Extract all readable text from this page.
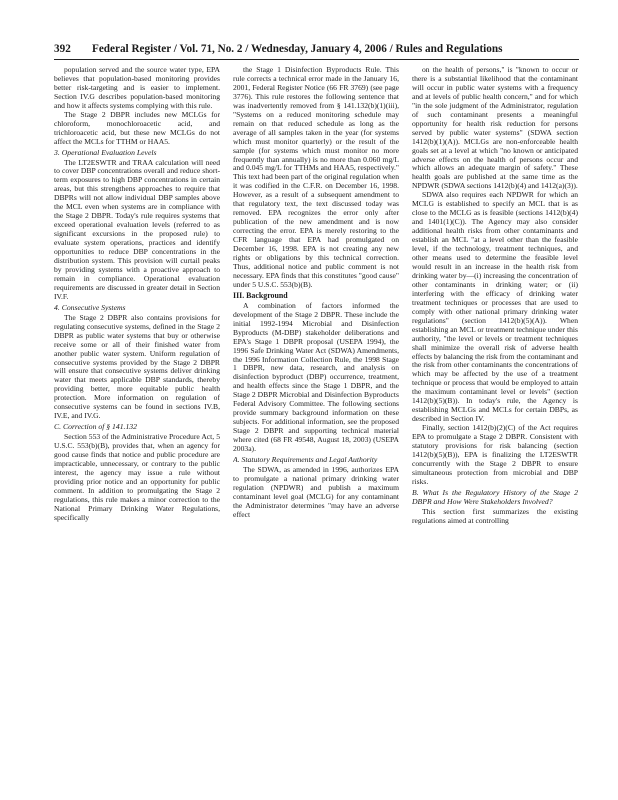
392 Federal Register / Vol. 71, No. 2 / Wednesday, January 4, 2006 / Rules and Regulations

population served and the source water type, EPA believes that population-based monitoring provides better risk-targeting and is easier to implement. Section IV.G describes population-based monitoring and how it affects systems complying with this rule.

The Stage 2 DBPR includes new MCLGs for chloroform, monochloroacetic acid, and trichloroacetic acid, but these new MCLGs do not affect the MCLs for TTHM or HAA5.

3. Operational Evaluation Levels

The LT2ESWTR and TRAA calculation will need to cover DBP concentrations overall and reduce short-term exposures to high DBP concentrations in certain areas, but this strengthens approaches to require that DBPRs will not allow individual DBP samples above the MCL even when systems are in compliance with the Stage 2 DBPR. Today's rule requires systems that exceed operational evaluation levels (referred to as significant excursions in the proposed rule) to evaluate system operations, practices and identify opportunities to reduce DBP concentrations in the distribution system. This provision will curtail peaks by providing systems with a proactive approach to remain in compliance. Operational evaluation requirements are discussed in greater detail in Section IV.F.

4. Consecutive Systems

The Stage 2 DBPR also contains provisions for regulating consecutive systems, defined in the Stage 2 DBPR as public water systems that buy or otherwise receive some or all of their finished water from another public water system. Uniform regulation of consecutive systems provided by the Stage 2 DBPR will ensure that consecutive systems deliver drinking water that meets applicable DBP standards, thereby providing better, more equitable public health protection. More information on regulation of consecutive systems can be found in sections IV.B, IV.E, and IV.G.

C. Correction of § 141.132

Section 553 of the Administrative Procedure Act, 5 U.S.C. 553(b)(B), provides that, when an agency for good cause finds that notice and public procedure are impracticable, unnecessary, or contrary to the public interest, the agency may issue a rule without providing prior notice and an opportunity for public comment. In addition to promulgating the Stage 2 regulations, this rule makes a minor correction to the National Primary Drinking Water Regulations, specifically

the Stage 1 Disinfection Byproducts Rule. This rule corrects a technical error made in the January 16, 2001, Federal Register Notice (66 FR 3769) (see page 3776). This rule restores the following sentence that was inadvertently removed from § 141.132(b)(1)(iii), "Systems on a reduced monitoring schedule may remain on that reduced schedule as long as the average of all samples taken in the year (for systems which must monitor quarterly) or the result of the sample (for systems which must monitor no more frequently than annually) is no more than 0.060 mg/L and 0.045 mg/L for TTHMs and HAA5, respectively." This text had been part of the original regulation when it was codified in the C.F.R. on December 16, 1998. However, as a result of a subsequent amendment to that regulatory text, the text discussed today was removed. EPA recognizes the error only after publication of the new amendment and is now correcting the error. EPA is merely restoring to the CFR language that EPA had promulgated on December 16, 1998. EPA is not creating any new rights or obligations by this technical correction. Thus, additional notice and public comment is not necessary. EPA finds that this constitutes "good cause" under 5 U.S.C. 553(b)(B).

III. Background

A combination of factors informed the development of the Stage 2 DBPR. These include the initial 1992-1994 Microbial and Disinfection Byproducts (M-DBP) stakeholder deliberations and EPA's Stage 1 DBPR proposal (USEPA 1994), the 1996 Safe Drinking Water Act (SDWA) Amendments, the 1996 Information Collection Rule, the 1998 Stage 1 DBPR, new data, research, and analysis on disinfection byproduct (DBP) occurrence, treatment, and health effects since the Stage 1 DBPR, and the Stage 2 DBPR Microbial and Disinfection Byproducts Federal Advisory Committee. The following sections provide summary background information on these subjects. For additional information, see the proposed Stage 2 DBPR and supporting technical material where cited (68 FR 49548, August 18, 2003) (USEPA 2003a).

A. Statutory Requirements and Legal Authority

The SDWA, as amended in 1996, authorizes EPA to promulgate a national primary drinking water regulation (NPDWR) and publish a maximum contaminant level goal (MCLG) for any contaminant the Administrator determines "may have an adverse effect

on the health of persons," is "known to occur or there is a substantial likelihood that the contaminant will occur in public water systems with a frequency and at levels of public health concern," and for which "in the sole judgment of the Administrator, regulation of such contaminant presents a meaningful opportunity for health risk reduction for persons served by public water systems" (SDWA section 1412(b)(1)(A)). MCLGs are non-enforceable health goals set at a level at which "no known or anticipated adverse effects on the health of persons occur and which allows an adequate margin of safety." These health goals are published at the same time as the NPDWR (SDWA sections 1412(b)(4) and 1412(a)(3)).

SDWA also requires each NPDWR for which an MCLG is established to specify an MCL that is as close to the MCLG as is feasible (sections 1412(b)(4) and 1401(1)(C)). The Agency may also consider additional health risks from other contaminants and establish an MCL "at a level other than the feasible level, if the technology, treatment techniques, and other means used to determine the feasible level would result in an increase in the health risk from drinking water by—(i) increasing the concentration of other contaminants in drinking water; or (ii) interfering with the efficacy of drinking water treatment techniques or processes that are used to comply with other national primary drinking water regulations" (section 1412(b)(5)(A)). When establishing an MCL or treatment technique under this authority, "the level or levels or treatment techniques shall minimize the overall risk of adverse health effects by balancing the risk from the contaminant and the risk from other contaminants the concentrations of which may be affected by the use of a treatment technique or process that would be employed to attain the maximum contaminant level or levels" (section 1412(b)(5)(B)). In today's rule, the Agency is establishing MCLGs and MCLs for certain DBPs, as described in Section IV.

Finally, section 1412(b)(2)(C) of the Act requires EPA to promulgate a Stage 2 DBPR. Consistent with statutory provisions for risk balancing (section 1412(b)(5)(B)), EPA is finalizing the LT2ESWTR concurrently with the Stage 2 DBPR to ensure simultaneous protection from microbial and DBP risks.

B. What Is the Regulatory History of the Stage 2 DBPR and How Were Stakeholders Involved?

This section first summarizes the existing regulations aimed at controlling
